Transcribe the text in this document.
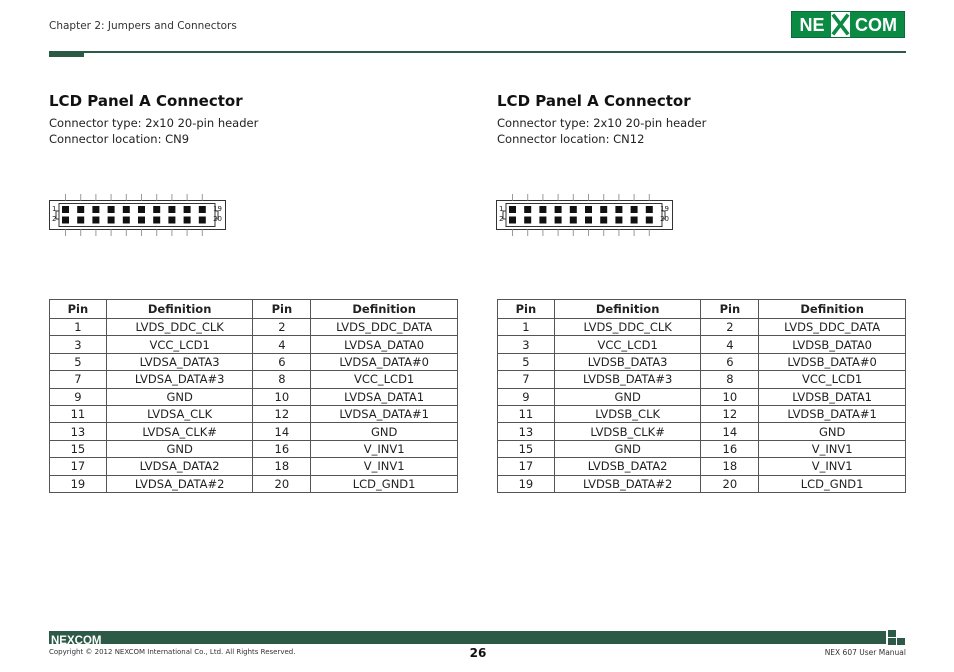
Chapter 2: Jumpers and Connectors	NE COM
LCD Panel A Connector
Connector type: 2x10 20-pin header
Connector location: CN9
1
2
19
20
Pin	Definition	Pin	Definition
1	LVDS_DDC_CLK	2	LVDS_DDC_DATA
3	VCC_LCD1	4	LVDSA_DATA0
5	LVDSA_DATA3	6	LVDSA_DATA#0
7	LVDSA_DATA#3	8	VCC_LCD1
9	GND	10	LVDSA_DATA1
11	LVDSA_CLK	12	LVDSA_DATA#1
13	LVDSA_CLK#	14	GND
15	GND	16	V_INV1
17	LVDSA_DATA2	18	V_INV1
19	LVDSA_DATA#2	20	LCD_GND1
LCD Panel A Connector
Connector type: 2x10 20-pin header
Connector location: CN12
1
2
19
20
Pin	Definition	Pin	Definition
1	LVDS_DDC_CLK	2	LVDS_DDC_DATA
3	VCC_LCD1	4	LVDSB_DATA0
5	LVDSB_DATA3	6	LVDSB_DATA#0
7	LVDSB_DATA#3	8	VCC_LCD1
9	GND	10	LVDSB_DATA1
11	LVDSB_CLK	12	LVDSB_DATA#1
13	LVDSB_CLK#	14	GND
15	GND	16	V_INV1
17	LVDSB_DATA2	18	V_INV1
19	LVDSB_DATA#2	20	LCD_GND1
NEXCOM
Copyright © 2012 NEXCOM International Co., Ltd. All Rights Reserved.	26	NEX 607 User Manual
